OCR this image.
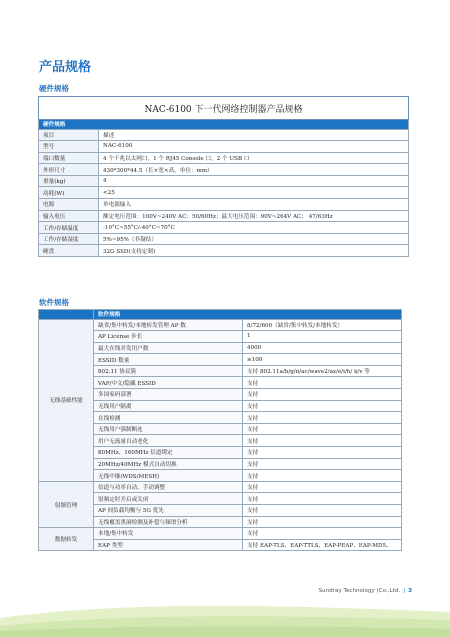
产品规格
硬件规格
NAC-6100 下一代网络控制器产品规格	
硬件规格	
项目	描述
型号	NAC-6100
端口数量	4 个千兆以太网口，1 个 RJ45 Console 口，2 个 USB 口
外形尺寸	430*300*44.5（长×宽×高，单位：mm）
重量(kg)	4
功耗(W)	<25
电源	单电源输入
输入电压	额定电压范围：100V~240V AC；50/60Hz；最大电压范围：90V~264V AC； 47/63Hz
工作/存储温度	-10°C~55°C/-40°C~70°C
工作/存储湿度	5%~95%（非凝结）
硬盘	32G SSD(支持定制)
软件规格
	软件规格	
无线基础性能	缺省/集中转发/本地转发管理 AP 数	8/72/600（缺省/集中转发/本地转发）
	AP License 步长	1
	最大在线并发用户数	4000
	ESSID 数量	≥100
	802.11 协议簇	支持 802.11a/b/g/n/ac/wave2/ax/e/i/h/ k/v 等
	VAP/中文/隐藏 ESSID	支持
	多国家码部署	支持
	无线用户隔离	支持
	在线检测	支持
	无线用户强制断连	支持
	用户无流量自动老化	支持
	80MHz、160MHz 信道绑定	支持
	20MHz/40MHz 模式自动切换	支持
	无线中继(WDS/MESH)	支持
射频管理	信道与功率自动、手动调整	支持
	射频定时开启或关闭	支持
	AP 间负载均衡与 5G 优先	支持
	无线覆盖黑洞检测及补偿与频谱分析	支持
数据转发	本地/集中转发	支持
	EAP 类型	支持 EAP-TLS、EAP-TTLS、EAP-PEAP、EAP-MD5、
Sundray Technology (Co.,Ltd. | 3
